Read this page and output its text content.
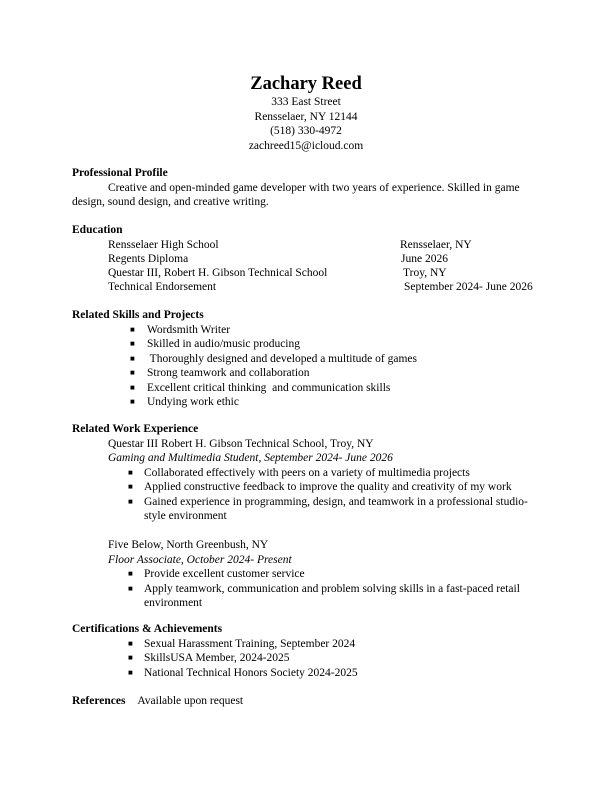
Zachary Reed
333 East Street
Rensselaer, NY 12144
(518) 330-4972
zachreed15@icloud.com
Professional Profile
Creative and open-minded game developer with two years of experience. Skilled in game design, sound design, and creative writing.
Education
Rensselaer High School	Rensselaer, NY
Regents Diploma	June 2026
Questar III, Robert H. Gibson Technical School	Troy, NY
Technical Endorsement	September 2024- June 2026
Related Skills and Projects
■ Wordsmith Writer
■ Skilled in audio/music producing
■ Thoroughly designed and developed a multitude of games
■ Strong teamwork and collaboration
■ Excellent critical thinking  and communication skills
■ Undying work ethic
Related Work Experience
Questar III Robert H. Gibson Technical School, Troy, NY
Gaming and Multimedia Student, September 2024- June 2026
■ Collaborated effectively with peers on a variety of multimedia projects
■ Applied constructive feedback to improve the quality and creativity of my work
■ Gained experience in programming, design, and teamwork in a professional studio-style environment
Five Below, North Greenbush, NY
Floor Associate, October 2024- Present
■ Provide excellent customer service
■ Apply teamwork, communication and problem solving skills in a fast-paced retail environment
Certifications & Achievements
■ Sexual Harassment Training, September 2024
■ SkillsUSA Member, 2024-2025
■ National Technical Honors Society 2024-2025
References Available upon request
